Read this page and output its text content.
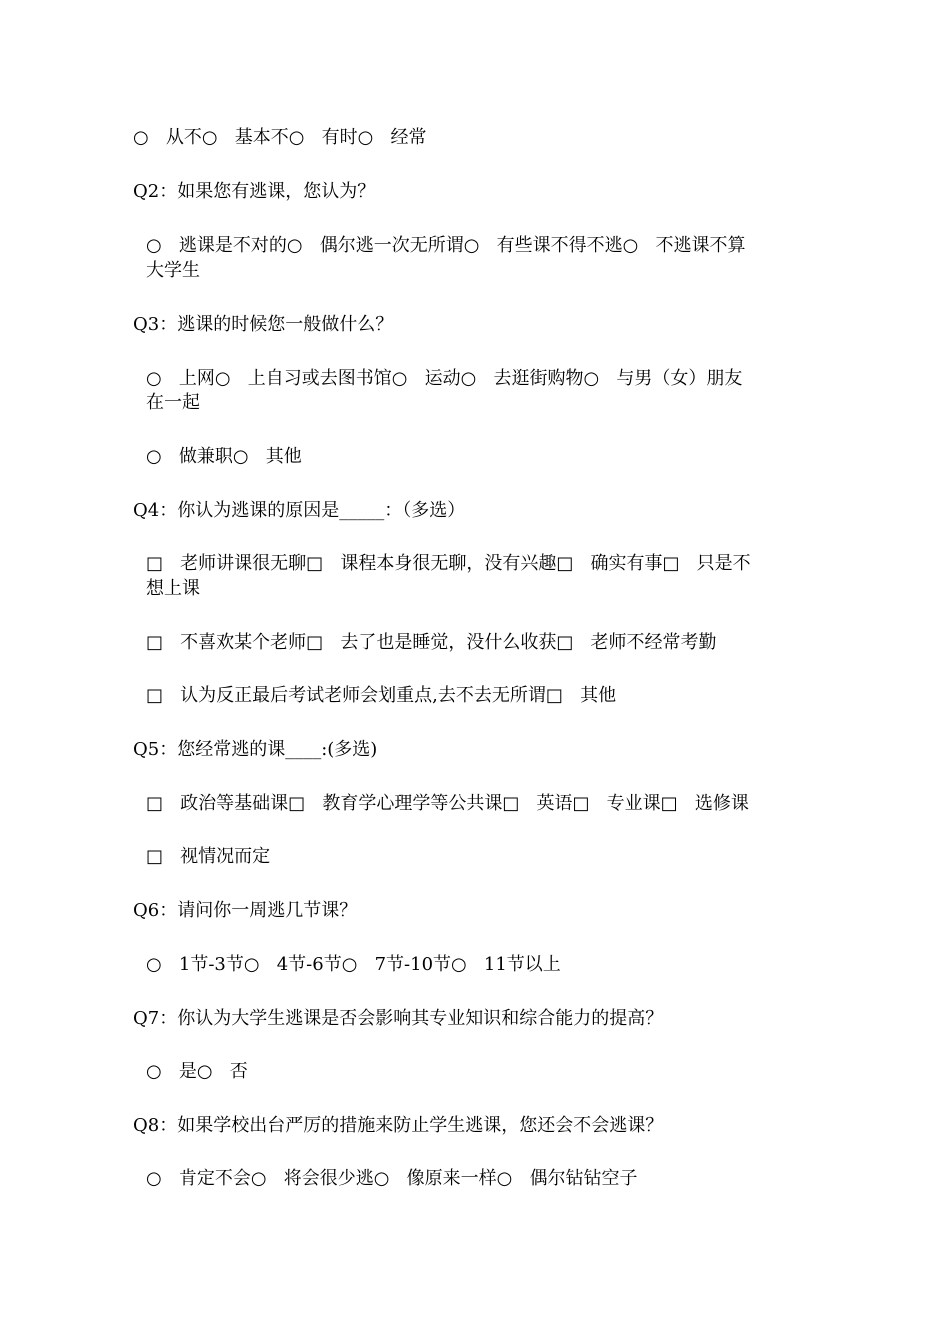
○   从不○   基本不○   有时○   经常

Q2：如果您有逃课，您认为？

○   逃课是不对的○   偶尔逃一次无所谓○   有些课不得不逃○   不逃课不算

大学生

Q3：逃课的时候您一般做什么？

○   上网○   上自习或去图书馆○   运动○   去逛街购物○   与男（女）朋友

在一起

○   做兼职○   其他

Q4：你认为逃课的原因是_____：（多选）

□   老师讲课很无聊□   课程本身很无聊，没有兴趣□   确实有事□   只是不

想上课

□   不喜欢某个老师□   去了也是睡觉，没什么收获□   老师不经常考勤

□   认为反正最后考试老师会划重点,去不去无所谓□   其他

Q5：您经常逃的课____:(多选)

□   政治等基础课□   教育学心理学等公共课□   英语□   专业课□   选修课

□   视情况而定

Q6：请问你一周逃几节课？

○   1节-3节○   4节-6节○   7节-10节○   11节以上

Q7：你认为大学生逃课是否会影响其专业知识和综合能力的提高？

○   是○   否

Q8：如果学校出台严厉的措施来防止学生逃课，您还会不会逃课？

○   肯定不会○   将会很少逃○   像原来一样○   偶尔钻钻空子
